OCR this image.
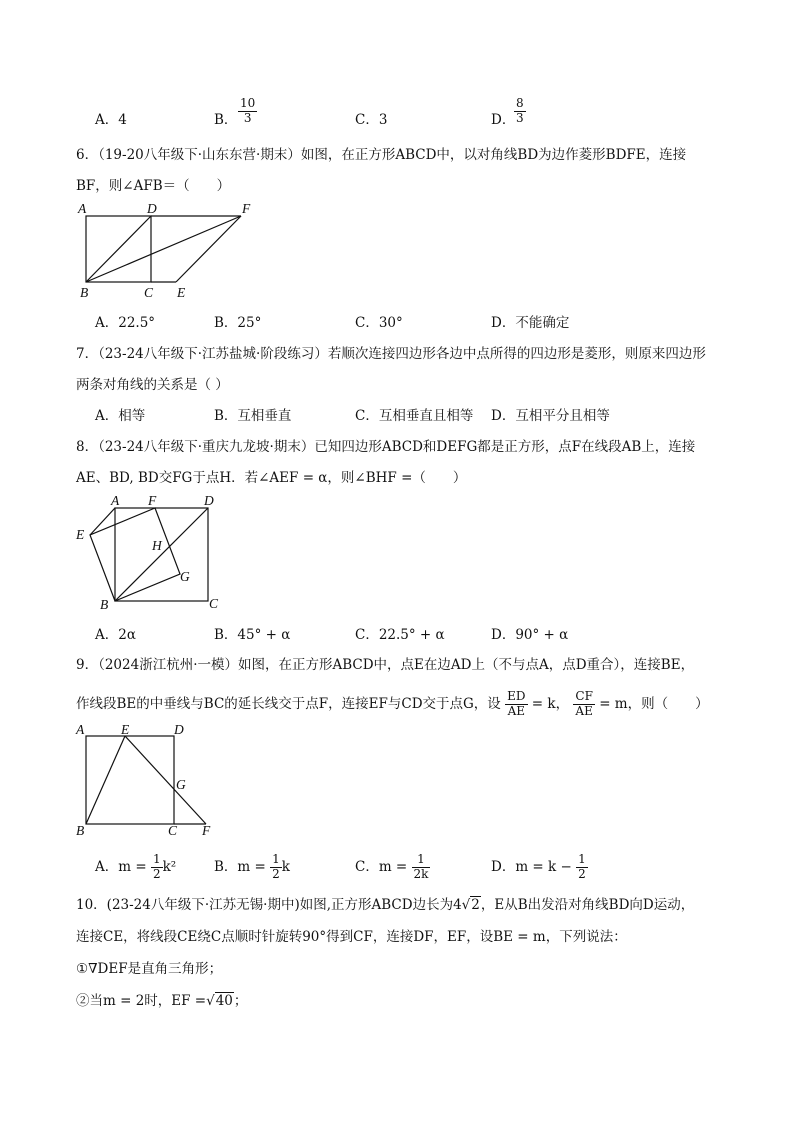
A．4	B． $\frac{10}{3}$	C．3	D．
$\frac{8}{3}$
6．（19-20八年级下·山东东营·期末）如图，在正方形ABCD中，以对角线BD为边作菱形BDFE，连接
BF，则∠AFB＝（　　）
A	D	F
B	C E
A．22.5°	B．25°	C．30°	D．不能确定
7．（23-24八年级下·江苏盐城·阶段练习）若顺次连接四边形各边中点所得的四边形是菱形，则原来四边形
两条对角线的关系是（ ）
A．相等	B．互相垂直	C．互相垂直且相等 D．互相平分且相等
8．（23-24八年级下·重庆九龙坡·期末）已知四边形ABCD和DEFG都是正方形，点F在线段AB上，连接
AE、BD, BD交FG于点H．若∠AEF = α，则∠BHF =（　　）
A F	D
E
H
G
B	C
A．2α	B．45° + α	C．22.5° + α	D．90° + α
9．（2024浙江杭州·一模）如图，在正方形ABCD中，点E在边AD上（不与点A，点D重合），连接BE，
作线段BE的中垂线与BC的延长线交于点F，连接EF与CD交于点G，设 $\frac{ED}{AE} = k$， $\frac{CF}{AE} = m$，则（　　）
A	E	D
G
B	C F
A．$m = \frac{1}{2} k^2$	B．$m = \frac{1}{2}$ k	C．$m = \frac{1}{2k}$	D．$m = k - \frac{1}{2}$
10．(23-24八年级下·江苏无锡·期中)如图,正方形ABCD边长为4√2，E从B出发沿对角线BD向D运动，
连接CE，将线段CE绕C点顺时针旋转90°得到CF，连接DF，EF，设BE = m，下列说法：
①∇DEF是直角三角形；
②当m = 2时，EF =√40；
